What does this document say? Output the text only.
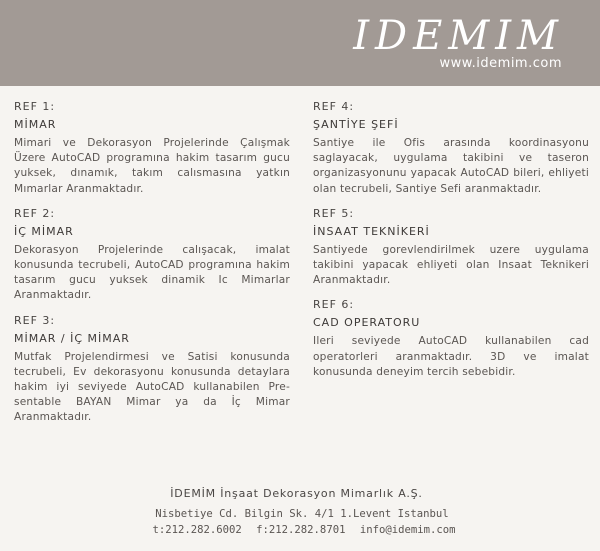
IDEMIM
www.idemim.com
REF 1:
MİMAR
Mimari ve Dekorasyon Projelerinde Çalışmak Üzere AutoCAD programına hakim tasarım gucu yuksek, dınamık, takım calısmasına yatkın Mımarlar Aranmaktadır.
REF 2:
İÇ MİMAR
Dekorasyon Projelerinde calışacak, imalat konusunda tecrubeli, AutoCAD programına hakim tasarım gucu yuksek dinamik Ic Mimarlar Aranmaktadır.
REF 3:
MİMAR / İÇ MİMAR
Mutfak Projelendirmesi ve Satisi konusunda tecrubeli, Ev dekorasyonu konusunda detaylara hakim iyi seviyede AutoCAD kullanabilen Pre- sentable BAYAN Mimar ya da İç Mimar Aranmaktadır.
REF 4:
ŞANTİYE ŞEFİ
Santiye ile Ofis arasında koordinasyonu saglayacak, uygulama takibini ve taseron organizasyonunu yapacak AutoCAD bileri, ehliyeti olan tecrubeli, Santiye Sefi aranmaktadır.
REF 5:
İNSAAT TEKNİKERİ
Santiyede gorevlendirilmek uzere uygulama takibini yapacak ehliyeti olan Insaat Teknikeri Aranmaktadır.
REF 6:
CAD OPERATORU
Ileri seviyede AutoCAD kullanabilen cad operatorleri aranmaktadır. 3D ve imalat konusunda deneyim tercih sebebidir.
İDEMİM İnşaat Dekorasyon Mimarlık A.Ş.
Nisbetiye Cd. Bilgin Sk. 4/1 1.Levent Istanbul
t:212.282.6002 f:212.282.8701 info@idemim.com
